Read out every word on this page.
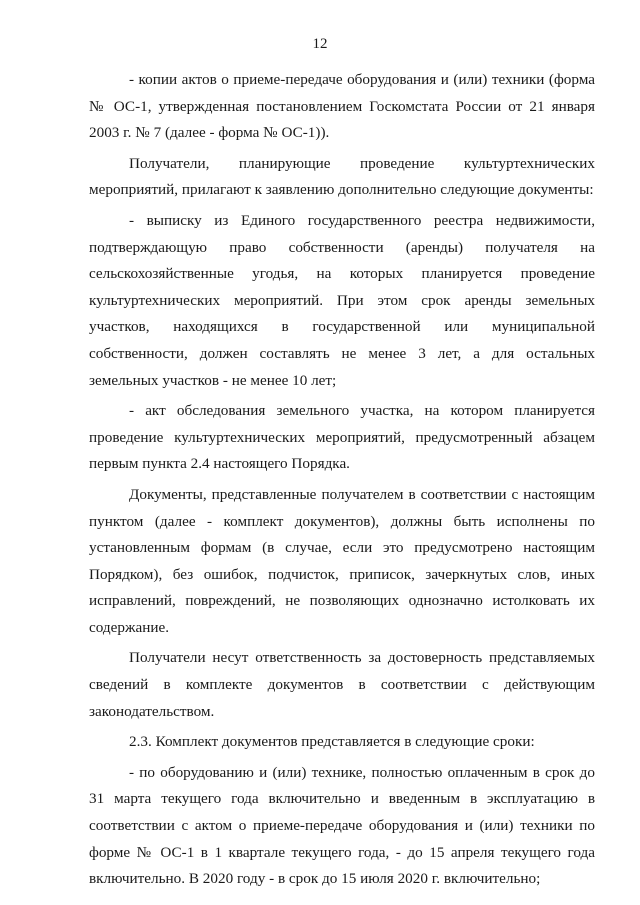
12

- копии актов о приеме-передаче оборудования и (или) техники (форма № ОС-1, утвержденная постановлением Госкомстата России от 21 января 2003 г. № 7 (далее - форма № ОС-1)).

Получатели, планирующие проведение культуртехнических мероприятий, прилагают к заявлению дополнительно следующие документы:

- выписку из Единого государственного реестра недвижимости, подтверждающую право собственности (аренды) получателя на сельскохозяйственные угодья, на которых планируется проведение культуртехнических мероприятий. При этом срок аренды земельных участков, находящихся в государственной или муниципальной собственности, должен составлять не менее 3 лет, а для остальных земельных участков - не менее 10 лет;

- акт обследования земельного участка, на котором планируется проведение культуртехнических мероприятий, предусмотренный абзацем первым пункта 2.4 настоящего Порядка.

Документы, представленные получателем в соответствии с настоящим пунктом (далее - комплект документов), должны быть исполнены по установленным формам (в случае, если это предусмотрено настоящим Порядком), без ошибок, подчисток, приписок, зачеркнутых слов, иных исправлений, повреждений, не позволяющих однозначно истолковать их содержание.

Получатели несут ответственность за достоверность представляемых сведений в комплекте документов в соответствии с действующим законодательством.

2.3. Комплект документов представляется в следующие сроки:

- по оборудованию и (или) технике, полностью оплаченным в срок до 31 марта текущего года включительно и введенным в эксплуатацию в соответствии с актом о приеме-передаче оборудования и (или) техники по форме № ОС-1 в 1 квартале текущего года, - до 15 апреля текущего года включительно. В 2020 году - в срок до 15 июля 2020 г. включительно;
